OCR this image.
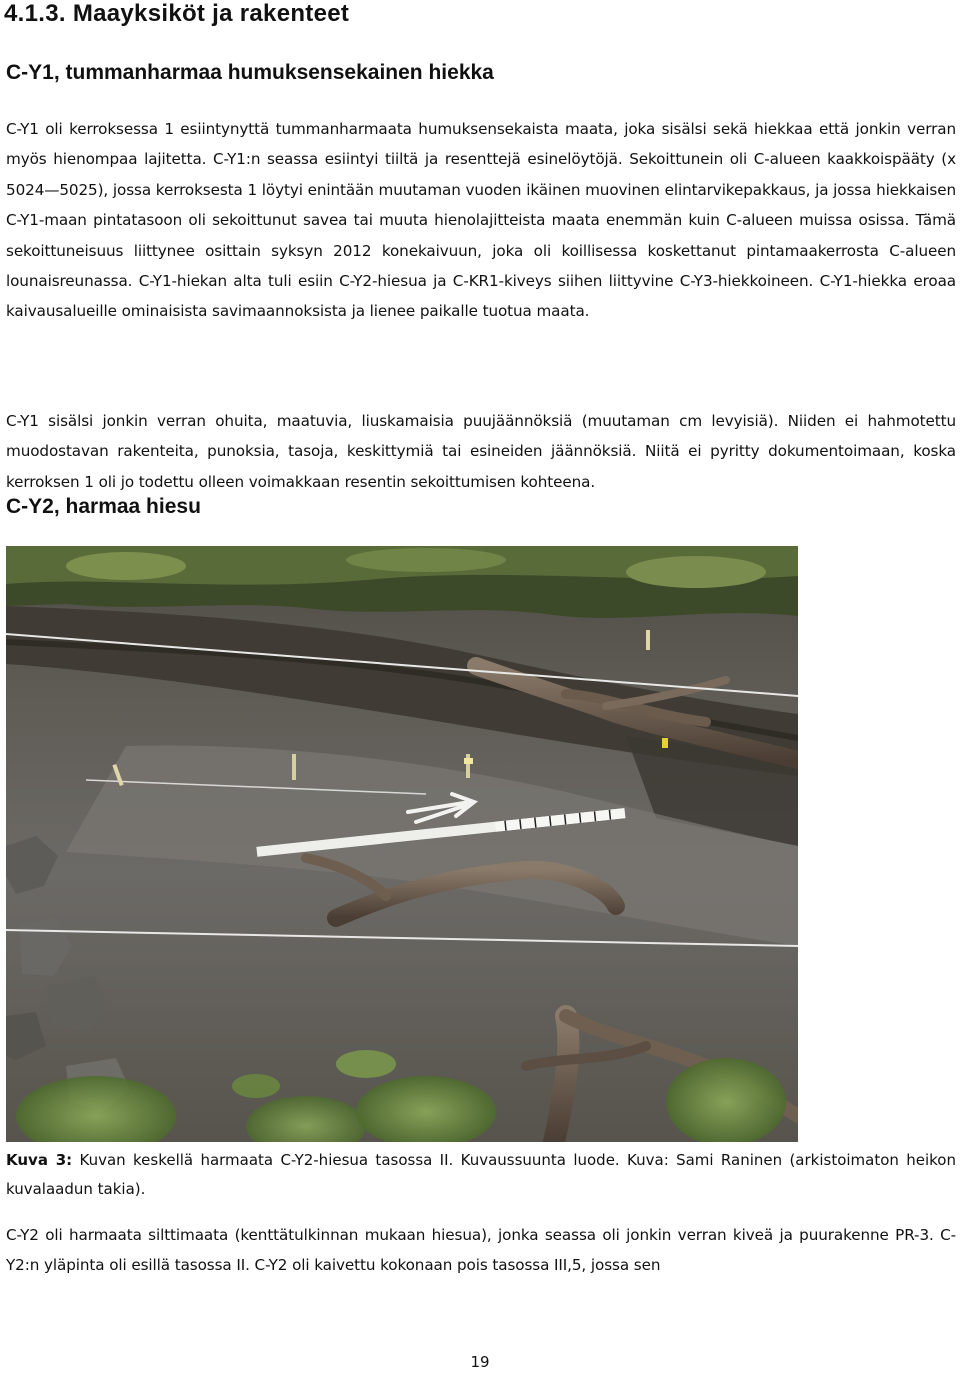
4.1.3. Maayksiköt ja rakenteet
C-Y1, tummanharmaa humuksensekainen hiekka

C-Y1 oli kerroksessa 1 esiintynyttä tummanharmaata humuksensekaista maata, joka sisälsi sekä hiekkaa että jonkin verran myös hienompaa lajitetta. C-Y1:n seassa esiintyi tiiltä ja resenttejä esinelöytöjä. Sekoittunein oli C-alueen kaakkoispääty (x 5024—5025), jossa kerroksesta 1 löytyi enintään muutaman vuoden ikäinen muovinen elintarvikepakkaus, ja jossa hiekkaisen C-Y1-maan pintatasoon oli sekoittunut savea tai muuta hienolajitteista maata enemmän kuin C-alueen muissa osissa. Tämä sekoittuneisuus liittynee osittain syksyn 2012 konekaivuun, joka oli koillisessa koskettanut pintamaakerrosta C-alueen lounaisreunassa. C-Y1-hiekan alta tuli esiin C-Y2-hiesua ja C-KR1-kiveys siihen liittyvine C-Y3-hiekkoineen. C-Y1-hiekka eroaa kaivausalueille ominaisista savimaannoksista ja lienee paikalle tuotua maata.

C-Y1 sisälsi jonkin verran ohuita, maatuvia, liuskamaisia puujäännöksiä (muutaman cm levyisiä). Niiden ei hahmotettu muodostavan rakenteita, punoksia, tasoja, keskittymiä tai esineiden jäännöksiä. Niitä ei pyritty dokumentoimaan, koska kerroksen 1 oli jo todettu olleen voimakkaan resentin sekoittumisen kohteena.

C-Y2, harmaa hiesu

Kuva 3: Kuvan keskellä harmaata C-Y2-hiesua tasossa II. Kuvaussuunta luode. Kuva: Sami Raninen (arkistoimaton heikon kuvalaadun takia).

C-Y2 oli harmaata silttimaata (kenttätulkinnan mukaan hiesua), jonka seassa oli jonkin verran kiveä ja puurakenne PR-3. C-Y2:n yläpinta oli esillä tasossa II. C-Y2 oli kaivettu kokonaan pois tasossa III,5, jossa sen

19
